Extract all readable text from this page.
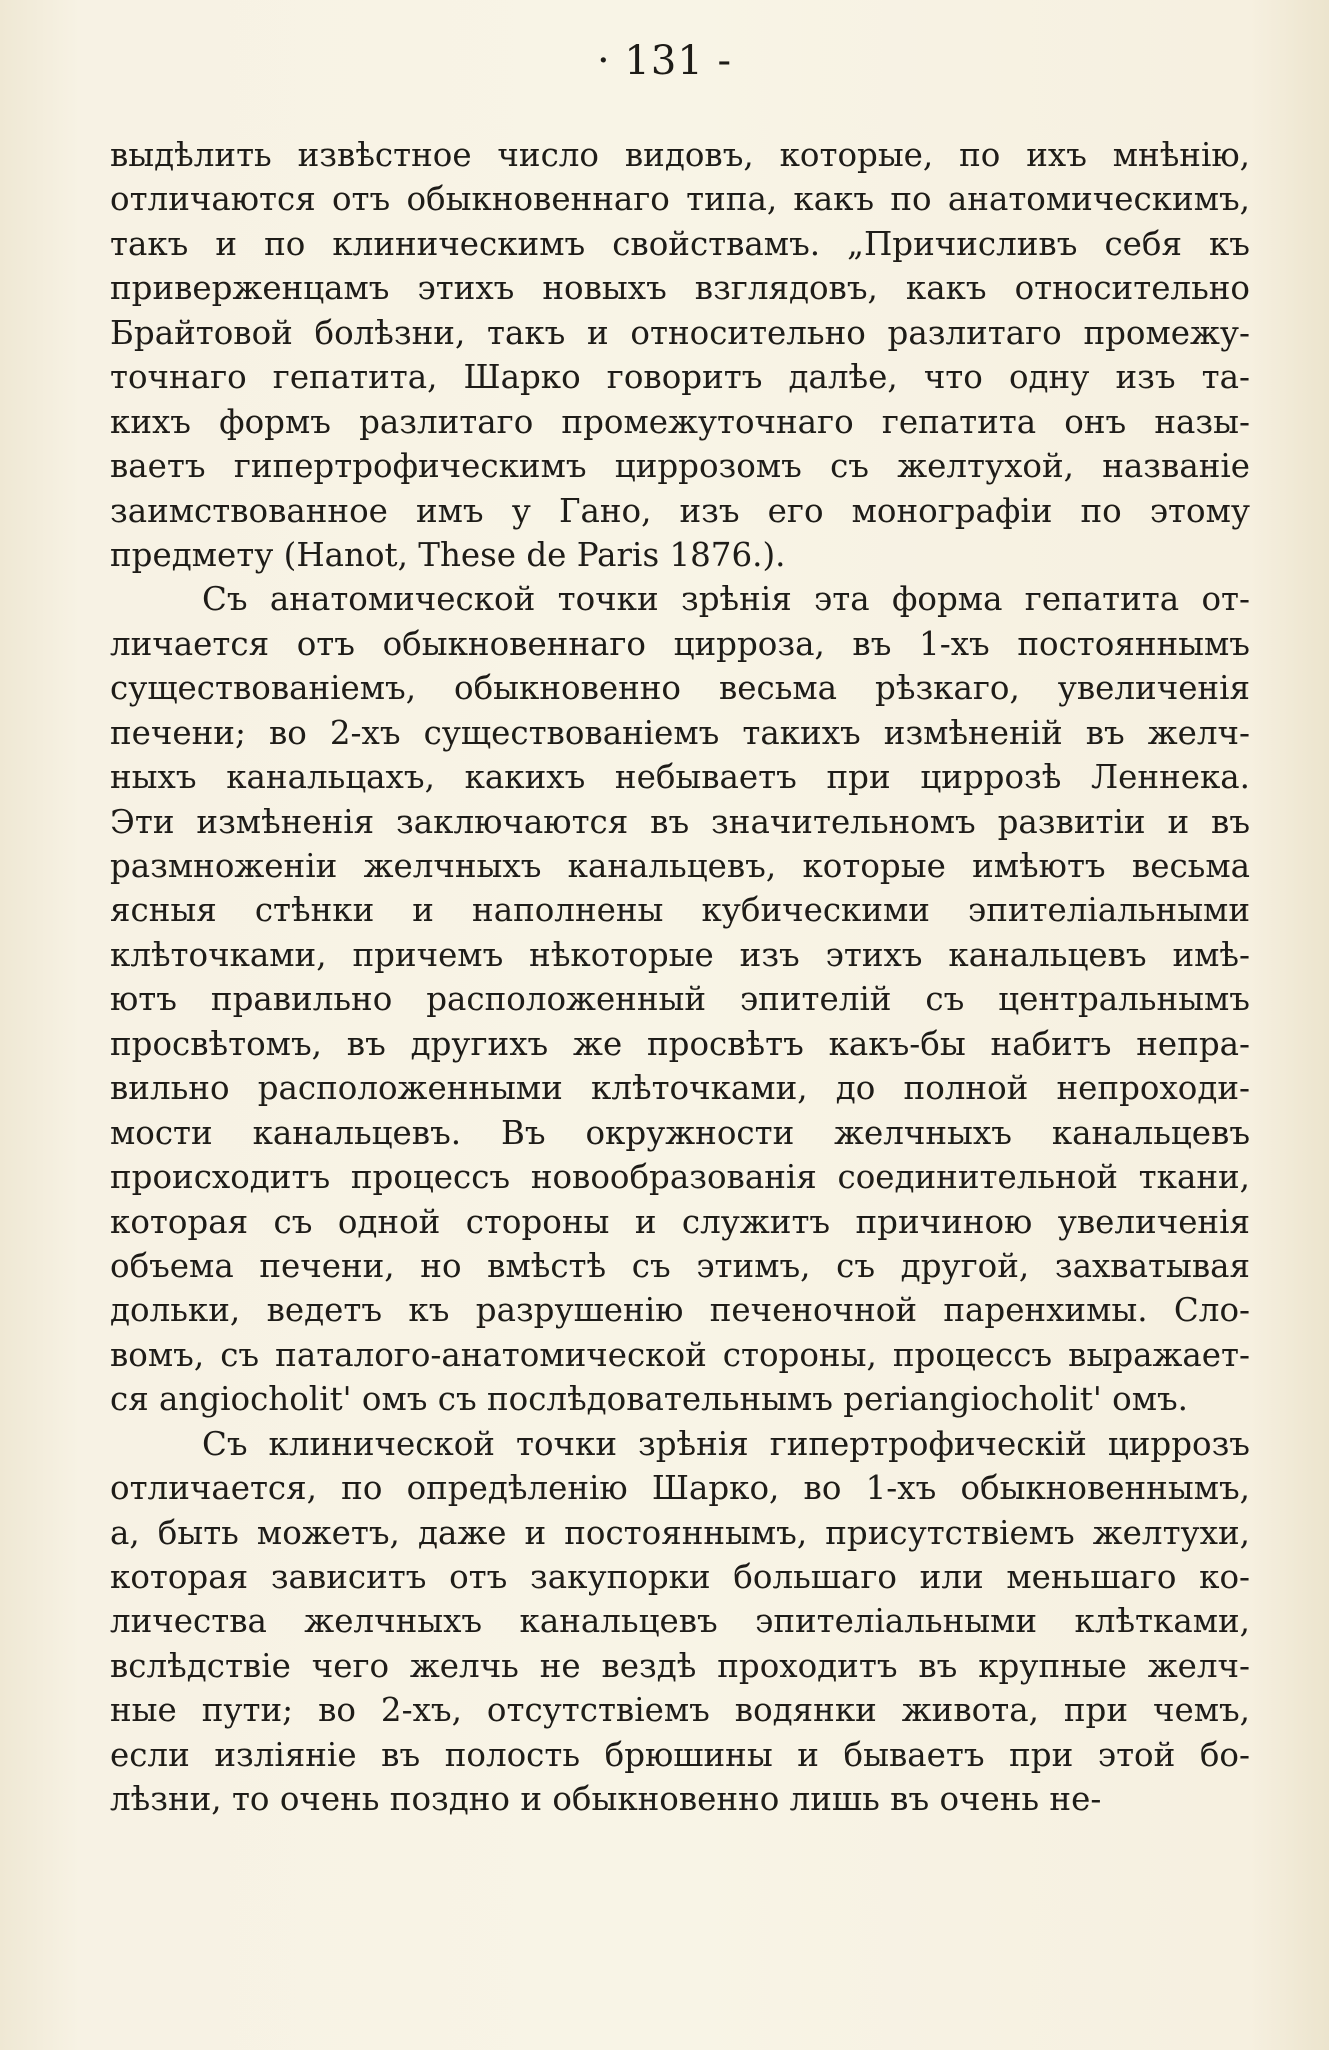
· 131 -
выдѣлить извѣстное число видовъ, которые, по ихъ мнѣнію,
отличаются отъ обыкновеннаго типа, какъ по анатомическимъ,
такъ и по клиническимъ свойствамъ. „Причисливъ себя къ
приверженцамъ этихъ новыхъ взглядовъ, какъ относительно
Брайтовой болѣзни, такъ и относительно разлитаго промежу-
точнаго гепатита, Шарко говоритъ далѣе, что одну изъ та-
кихъ формъ разлитаго промежуточнаго гепатита онъ назы-
ваетъ гипертрофическимъ циррозомъ съ желтухой, названіе
заимствованное имъ у Гано, изъ его монографіи по этому
предмету (Hanot, These de Paris 1876.).
Съ анатомической точки зрѣнія эта форма гепатита от-
личается отъ обыкновеннаго цирроза, въ 1-хъ постояннымъ
существованіемъ, обыкновенно весьма рѣзкаго, увеличенія
печени; во 2-хъ существованіемъ такихъ измѣненій въ желч-
ныхъ канальцахъ, какихъ небываетъ при циррозѣ Леннека.
Эти измѣненія заключаются въ значительномъ развитіи и въ
размноженіи желчныхъ канальцевъ, которые имѣютъ весьма
ясныя стѣнки и наполнены кубическими эпителіальными
клѣточками, причемъ нѣкоторые изъ этихъ канальцевъ имѣ-
ютъ правильно расположенный эпителій съ центральнымъ
просвѣтомъ, въ другихъ же просвѣтъ какъ-бы набитъ непра-
вильно расположенными клѣточками, до полной непроходи-
мости канальцевъ. Въ окружности желчныхъ канальцевъ
происходитъ процессъ новообразованія соединительной ткани,
которая съ одной стороны и служитъ причиною увеличенія
объема печени, но вмѣстѣ съ этимъ, съ другой, захватывая
дольки, ведетъ къ разрушенію печеночной паренхимы. Сло-
вомъ, съ паталого-анатомической стороны, процессъ выражает-
ся angiocholit' омъ съ послѣдовательнымъ periangiocholit' омъ.
Съ клинической точки зрѣнія гипертрофическій циррозъ
отличается, по опредѣленію Шарко, во 1-хъ обыкновеннымъ,
а, быть можетъ, даже и постояннымъ, присутствіемъ желтухи,
которая зависитъ отъ закупорки большаго или меньшаго ко-
личества желчныхъ канальцевъ эпителіальными клѣтками,
вслѣдствіе чего желчь не вездѣ проходитъ въ крупные желч-
ные пути; во 2-хъ, отсутствіемъ водянки живота, при чемъ,
если изліяніе въ полость брюшины и бываетъ при этой бо-
лѣзни, то очень поздно и обыкновенно лишь въ очень не-
